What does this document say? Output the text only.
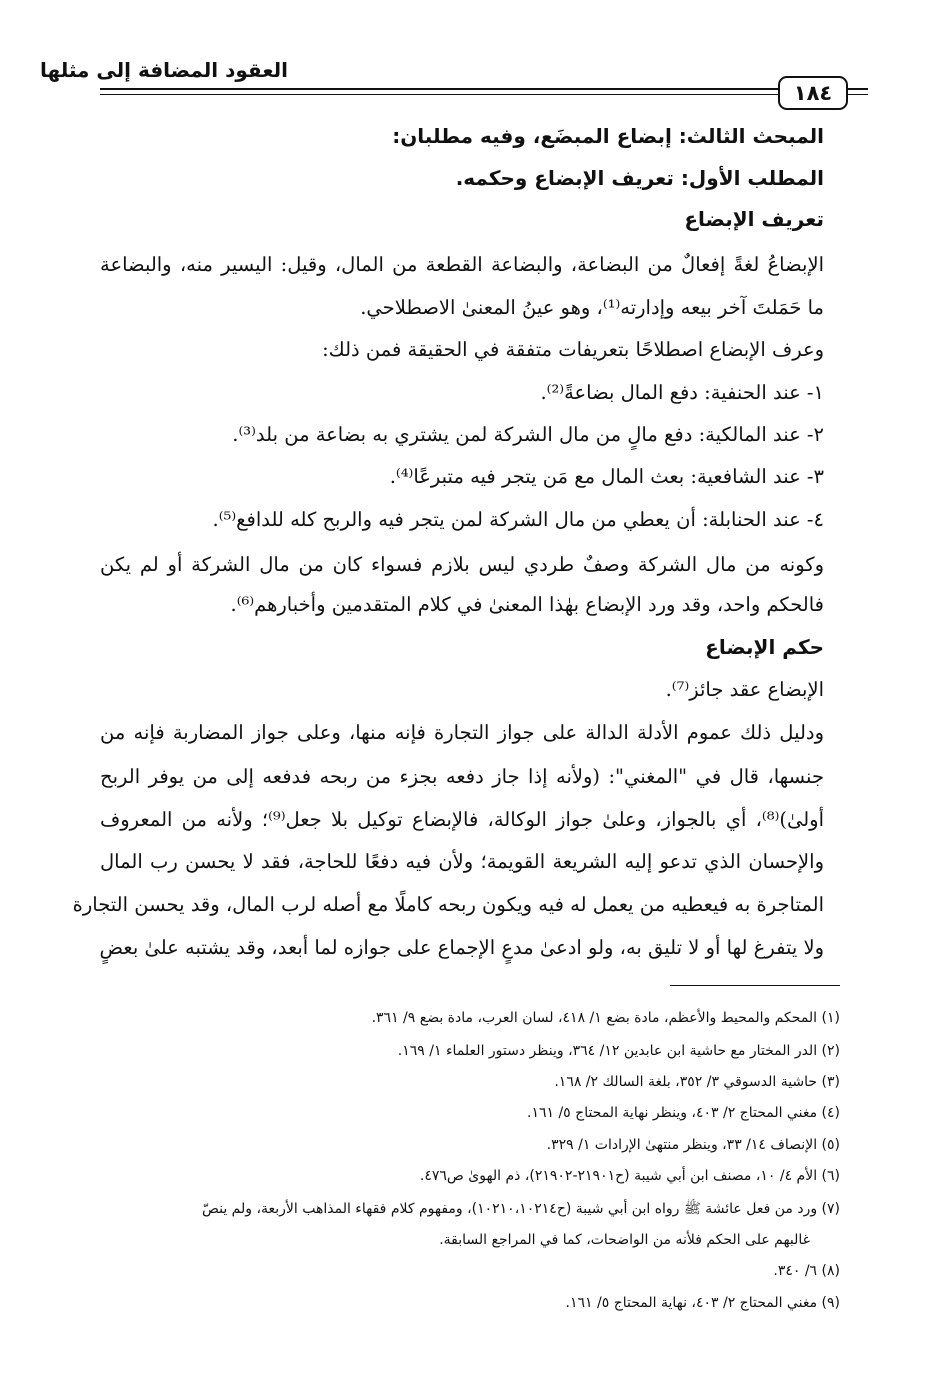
العقود المضافة إلى مثلها
١٨٤
المبحث الثالث: إبضاع المبضَع، وفيه مطلبان:
المطلب الأول: تعريف الإبضاع وحكمه.
تعريف الإبضاع
الإبضاعُ لغةً إفعالٌ من البضاعة، والبضاعة القطعة من المال، وقيل: اليسير منه، والبضاعة
ما حَمَلتَ آخر بيعه وإدارته⁽¹⁾، وهو عينُ المعنىٰ الاصطلاحي.
وعرف الإبضاع اصطلاحًا بتعريفات متفقة في الحقيقة فمن ذلك:
١- عند الحنفية: دفع المال بضاعةً⁽²⁾.
٢- عند المالكية: دفع مالٍ من مال الشركة لمن يشتري به بضاعة من بلد⁽³⁾.
٣- عند الشافعية: بعث المال مع مَن يتجر فيه متبرعًا⁽⁴⁾.
٤- عند الحنابلة: أن يعطي من مال الشركة لمن يتجر فيه والربح كله للدافع⁽⁵⁾.
وكونه من مال الشركة وصفٌ طردي ليس بلازم فسواء كان من مال الشركة أو لم يكن
فالحكم واحد، وقد ورد الإبضاع بهٰذا المعنىٰ في كلام المتقدمين وأخبارهم⁽⁶⁾.
حكم الإبضاع
الإبضاع عقد جائز⁽⁷⁾.
ودليل ذلك عموم الأدلة الدالة على جواز التجارة فإنه منها، وعلى جواز المضاربة فإنه من
جنسها، قال في "المغني": (ولأنه إذا جاز دفعه بجزء من ربحه فدفعه إلى من يوفر الربح
أولىٰ)⁽⁸⁾، أي بالجواز، وعلىٰ جواز الوكالة، فالإبضاع توكيل بلا جعل⁽⁹⁾؛ ولأنه من المعروف
والإحسان الذي تدعو إليه الشريعة القويمة؛ ولأن فيه دفعًا للحاجة، فقد لا يحسن رب المال
المتاجرة به فيعطيه من يعمل له فيه ويكون ربحه كاملًا مع أصله لرب المال، وقد يحسن التجارة
ولا يتفرغ لها أو لا تليق به، ولو ادعىٰ مدعٍ الإجماع على جوازه لما أبعد، وقد يشتبه علىٰ بعضٍ
(١) المحكم والمحيط والأعظم، مادة بضع ١/ ٤١٨، لسان العرب، مادة بضع ٩/ ٣٦١.
(٢) الدر المختار مع حاشية ابن عابدين ١٢/ ٣٦٤، وينظر دستور العلماء ١/ ١٦٩.
(٣) حاشية الدسوقي ٣/ ٣٥٢، بلغة السالك ٢/ ١٦٨.
(٤) مغني المحتاج ٢/ ٤٠٣، وينظر نهاية المحتاج ٥/ ١٦١.
(٥) الإنصاف ١٤/ ٣٣، وينظر منتهىٰ الإرادات ١/ ٣٢٩.
(٦) الأم ٤/ ١٠، مصنف ابن أبي شيبة (ح٢١٩٠١-٢١٩٠٢)، ذم الهوىٰ ص٤٧٦.
(٧) ورد من فعل عائشة ﷺ رواه ابن أبي شيبة (ح١٠٢١٠،١٠٢١٤)، ومفهوم كلام فقهاء المذاهب الأربعة، ولم ينصّ
غالبهم على الحكم فلأنه من الواضحات، كما في المراجع السابقة.
(٨) ٦/ ٣٤٠.
(٩) مغني المحتاج ٢/ ٤٠٣، نهاية المحتاج ٥/ ١٦١.
